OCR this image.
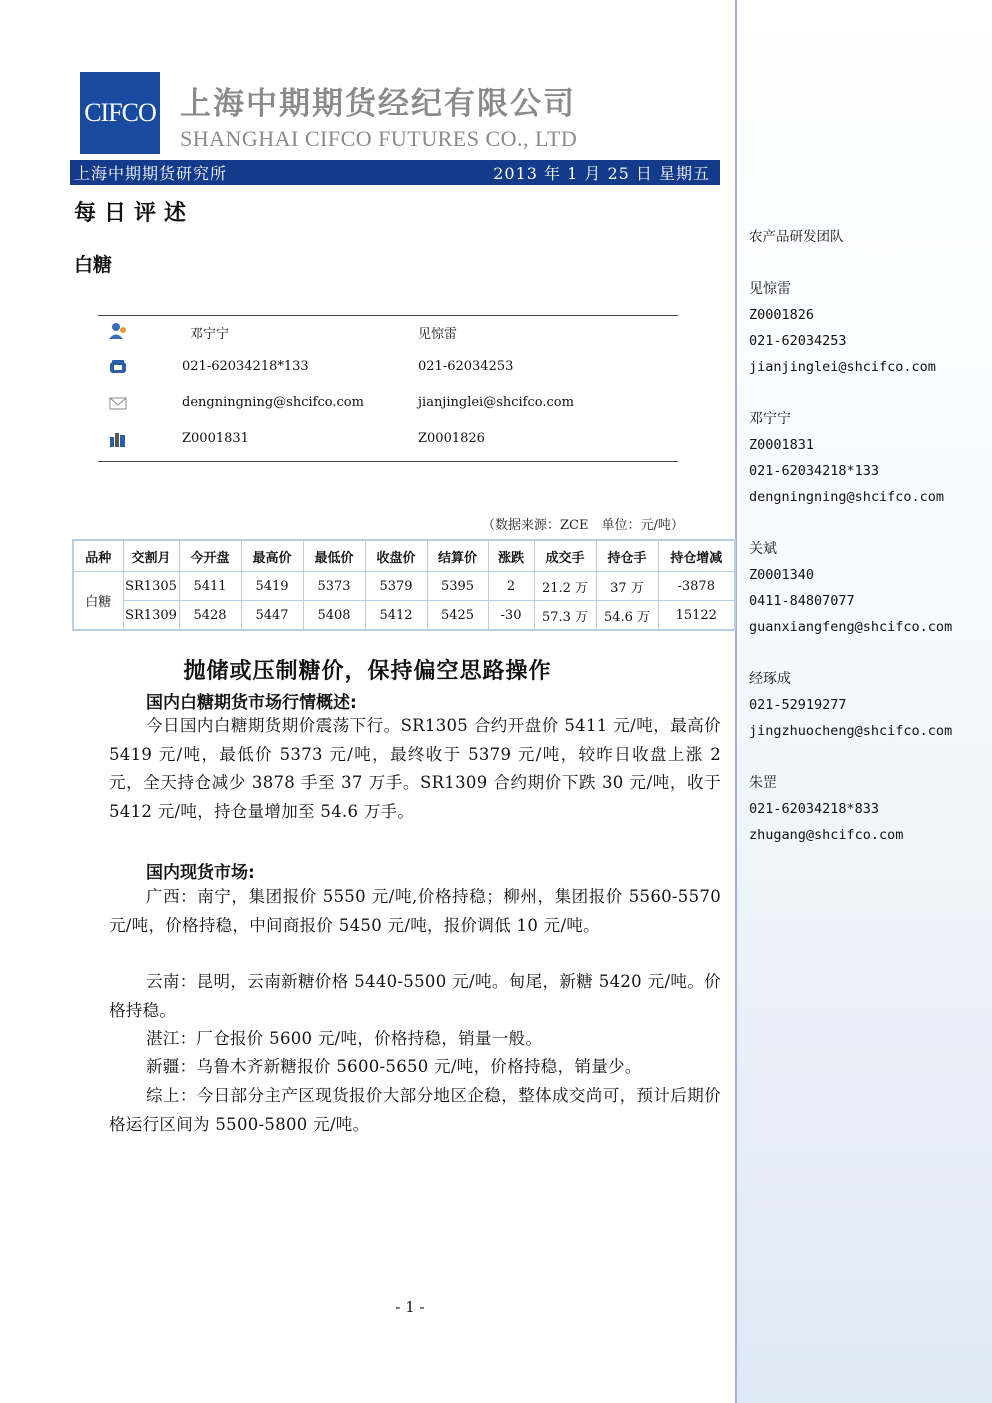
农产品研发团队
见惊雷
Z0001826
021-62034253
jianjinglei@shcifco.com
邓宁宁
Z0001831
021-62034218*133
dengningning@shcifco.com
关斌
Z0001340
0411-84807077
guanxiangfeng@shcifco.com
经琢成
021-52919277
jingzhuocheng@shcifco.com
朱罡
021-62034218*833
zhugang@shcifco.com
CIFCO 上海中期期货经纪有限公司
SHANGHAI CIFCO FUTURES CO., LTD
上海中期期货研究所	2013 年 1 月 25 日 星期五
每日评述
白糖
邓宁宁	见惊雷
021-62034218*133	021-62034253
dengningning@shcifco.com	jianjinglei@shcifco.com
Z0001831	Z0001826
（数据来源：ZCE　单位：元/吨）
品种	交割月	今开盘	最高价	最低价	收盘价	结算价	涨跌	成交手	持仓手	持仓增减
白糖	SR1305	5411	5419	5373	5379	5395	2	21.2 万	37 万	-3878
	SR1309	5428	5447	5408	5412	5425	-30	57.3 万	54.6 万	15122
抛储或压制糖价，保持偏空思路操作
国内白糖期货市场行情概述:

今日国内白糖期货期价震荡下行。SR1305 合约开盘价 5411 元/吨，最高价 5419 元/吨，最低价 5373 元/吨，最终收于 5379 元/吨，较昨日收盘上涨 2 元，全天持仓减少 3878 手至 37 万手。SR1309 合约期价下跌 30 元/吨，收于 5412 元/吨，持仓量增加至 54.6 万手。

国内现货市场:

广西：南宁，集团报价 5550 元/吨,价格持稳；柳州，集团报价 5560-5570 元/吨，价格持稳，中间商报价 5450 元/吨，报价调低 10 元/吨。

云南：昆明，云南新糖价格 5440-5500 元/吨。甸尾，新糖 5420 元/吨。价格持稳。

湛江：厂仓报价 5600 元/吨，价格持稳，销量一般。

新疆：乌鲁木齐新糖报价 5600-5650 元/吨，价格持稳，销量少。

综上：今日部分主产区现货报价大部分地区企稳，整体成交尚可，预计后期价格运行区间为 5500-5800 元/吨。

- 1 -
